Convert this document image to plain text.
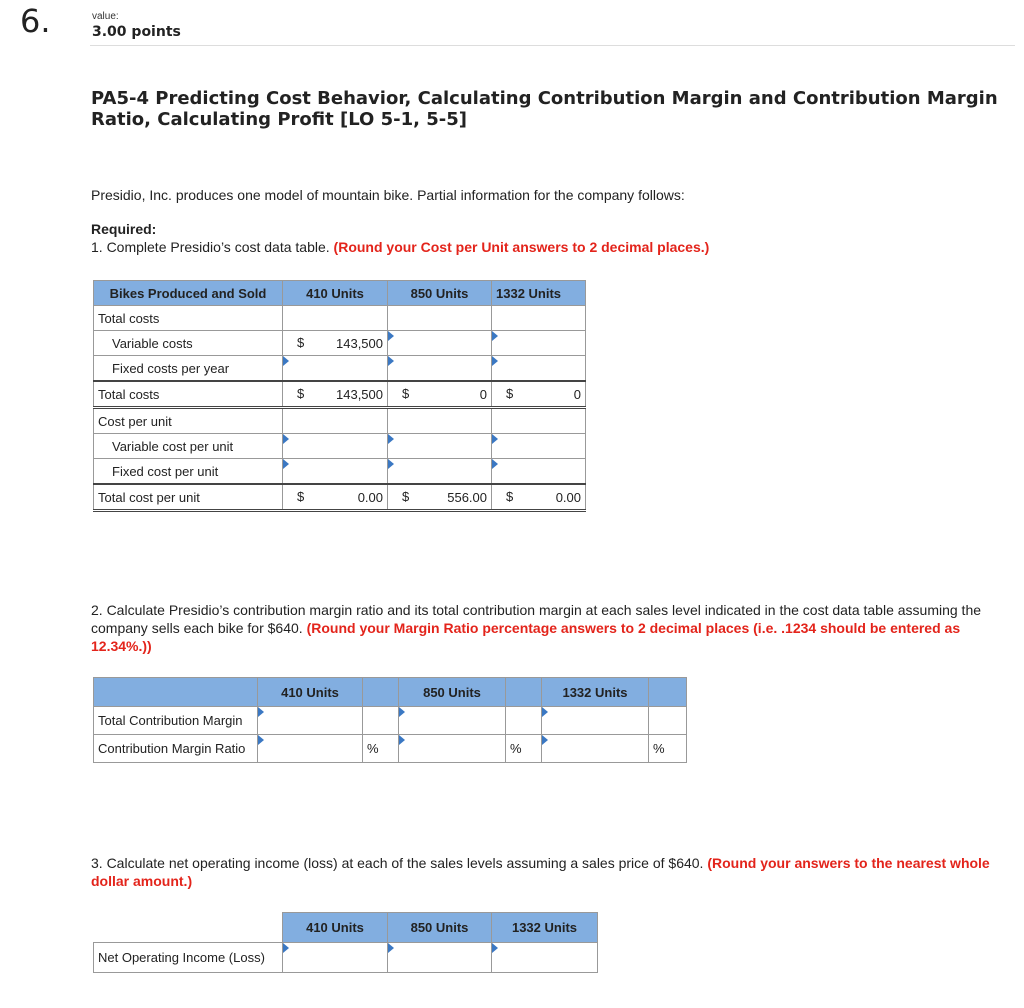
6.	value:
3.00 points
PA5-4 Predicting Cost Behavior, Calculating Contribution Margin and Contribution Margin Ratio, Calculating Profit [LO 5-1, 5-5]
Presidio, Inc. produces one model of mountain bike. Partial information for the company follows:
Required:
1. Complete Presidio’s cost data table. (Round your Cost per Unit answers to 2 decimal places.)
Bikes Produced and Sold	410 Units	850 Units	1332 Units
Total costs			
Variable costs	$ 143,500	

Fixed costs per year	

Total costs	$ 143,500	$ 0	$ 0
Cost per unit			
Variable cost per unit	

Fixed cost per unit	

Total cost per unit	$ 0.00	$ 556.00	$ 0.00
2. Calculate Presidio’s contribution margin ratio and its total contribution margin at each sales level indicated in the cost data table assuming the company sells each bike for $640. (Round your Margin Ratio percentage answers to 2 decimal places (i.e. .1234 should be entered as 12.34%.))
	410 Units		850 Units		1332 Units	
Total Contribution Margin	

Contribution Margin Ratio		%		%		%
3. Calculate net operating income (loss) at each of the sales levels assuming a sales price of $640. (Round your answers to the nearest whole dollar amount.)
	410 Units	850 Units	1332 Units
Net Operating Income (Loss)	
